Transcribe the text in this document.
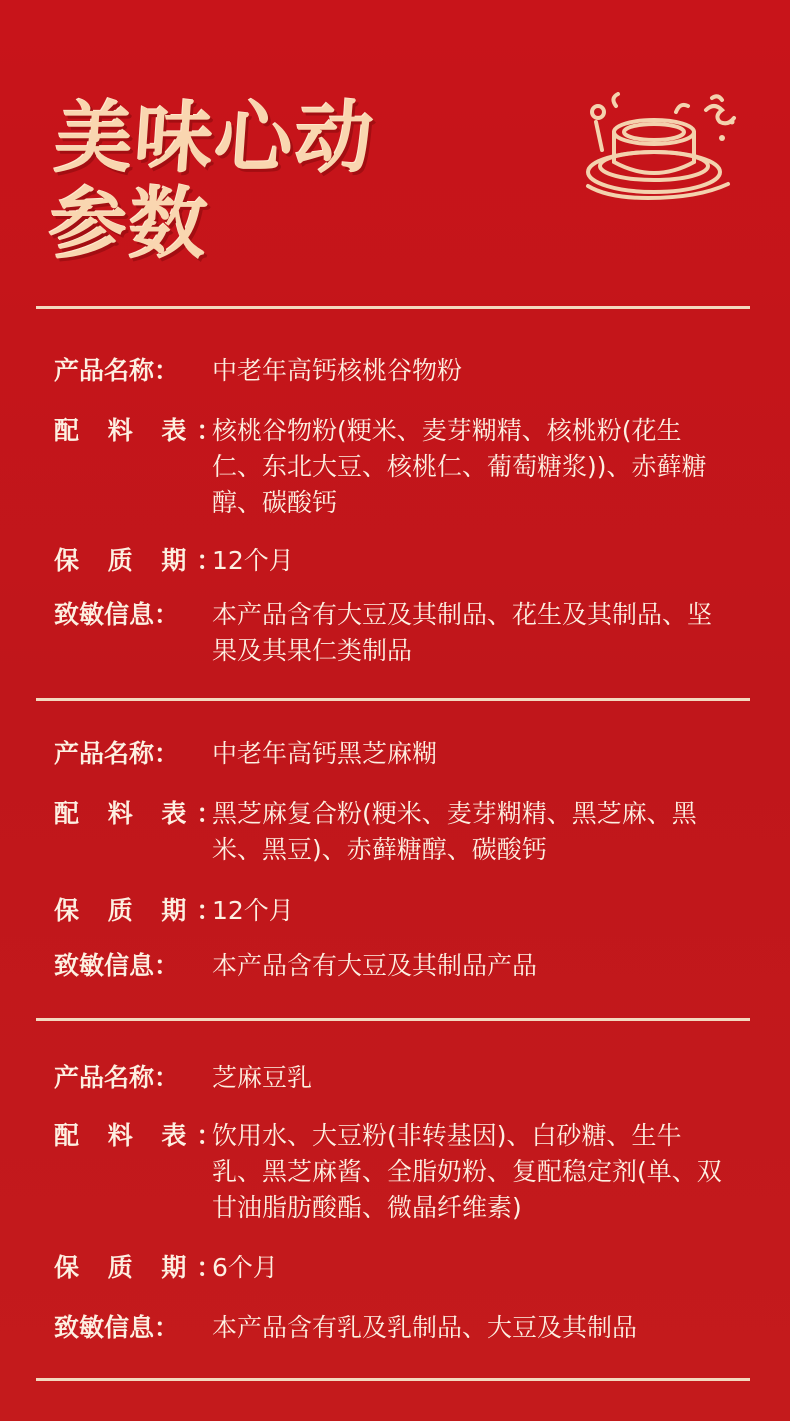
美味心动
参数
产品名称： 中老年高钙核桃谷物粉
配 料 表：
核桃谷物粉(粳米、麦芽糊精、核桃粉(花生仁、东北大豆、核桃仁、葡萄糖浆))、赤藓糖醇、碳酸钙
保 质 期：
12个月
致敏信息： 本产品含有大豆及其制品、花生及其制品、坚果及其果仁类制品
产品名称： 中老年高钙黑芝麻糊
配 料 表：
黑芝麻复合粉(粳米、麦芽糊精、黑芝麻、黑米、黑豆)、赤藓糖醇、碳酸钙
保 质 期：
12个月
致敏信息： 本产品含有大豆及其制品产品
产品名称： 芝麻豆乳
配 料 表：
饮用水、大豆粉(非转基因)、白砂糖、生牛乳、黑芝麻酱、全脂奶粉、复配稳定剂(单、双甘油脂肪酸酯、微晶纤维素)
保 质 期：
6个月
致敏信息： 本产品含有乳及乳制品、大豆及其制品
